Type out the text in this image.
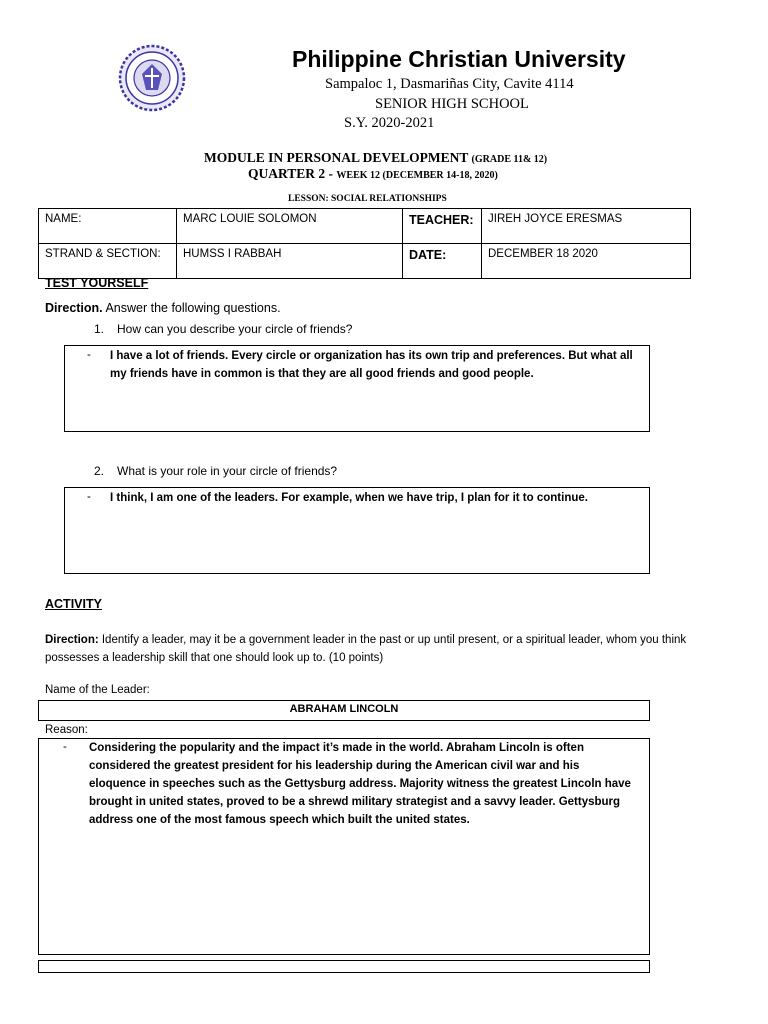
Philippine Christian University
Sampaloc 1, Dasmariñas City, Cavite 4114
SENIOR HIGH SCHOOL
S.Y. 2020-2021
MODULE IN PERSONAL DEVELOPMENT (GRADE 11& 12)
QUARTER 2 - WEEK 12 (DECEMBER 14-18, 2020)
LESSON: SOCIAL RELATIONSHIPS
NAME:	MARC LOUIE SOLOMON	TEACHER:	JIREH JOYCE ERESMAS
STRAND & SECTION:	HUMSS I RABBAH	DATE:	DECEMBER 18 2020
TEST YOURSELF
Direction. Answer the following questions.
1. How can you describe your circle of friends?
- I have a lot of friends. Every circle or organization has its own trip and preferences. But what all my friends have in common is that they are all good friends and good people.
2. What is your role in your circle of friends?
- I think, I am one of the leaders. For example, when we have trip, I plan for it to continue.
ACTIVITY
Direction: Identify a leader, may it be a government leader in the past or up until present, or a spiritual leader, whom you think possesses a leadership skill that one should look up to. (10 points)
Name of the Leader:
ABRAHAM LINCOLN
Reason:
- Considering the popularity and the impact it’s made in the world. Abraham Lincoln is often considered the greatest president for his leadership during the American civil war and his eloquence in speeches such as the Gettysburg address. Majority witness the greatest Lincoln have brought in united states, proved to be a shrewd military strategist and a savvy leader. Gettysburg address one of the most famous speech which built the united states.
